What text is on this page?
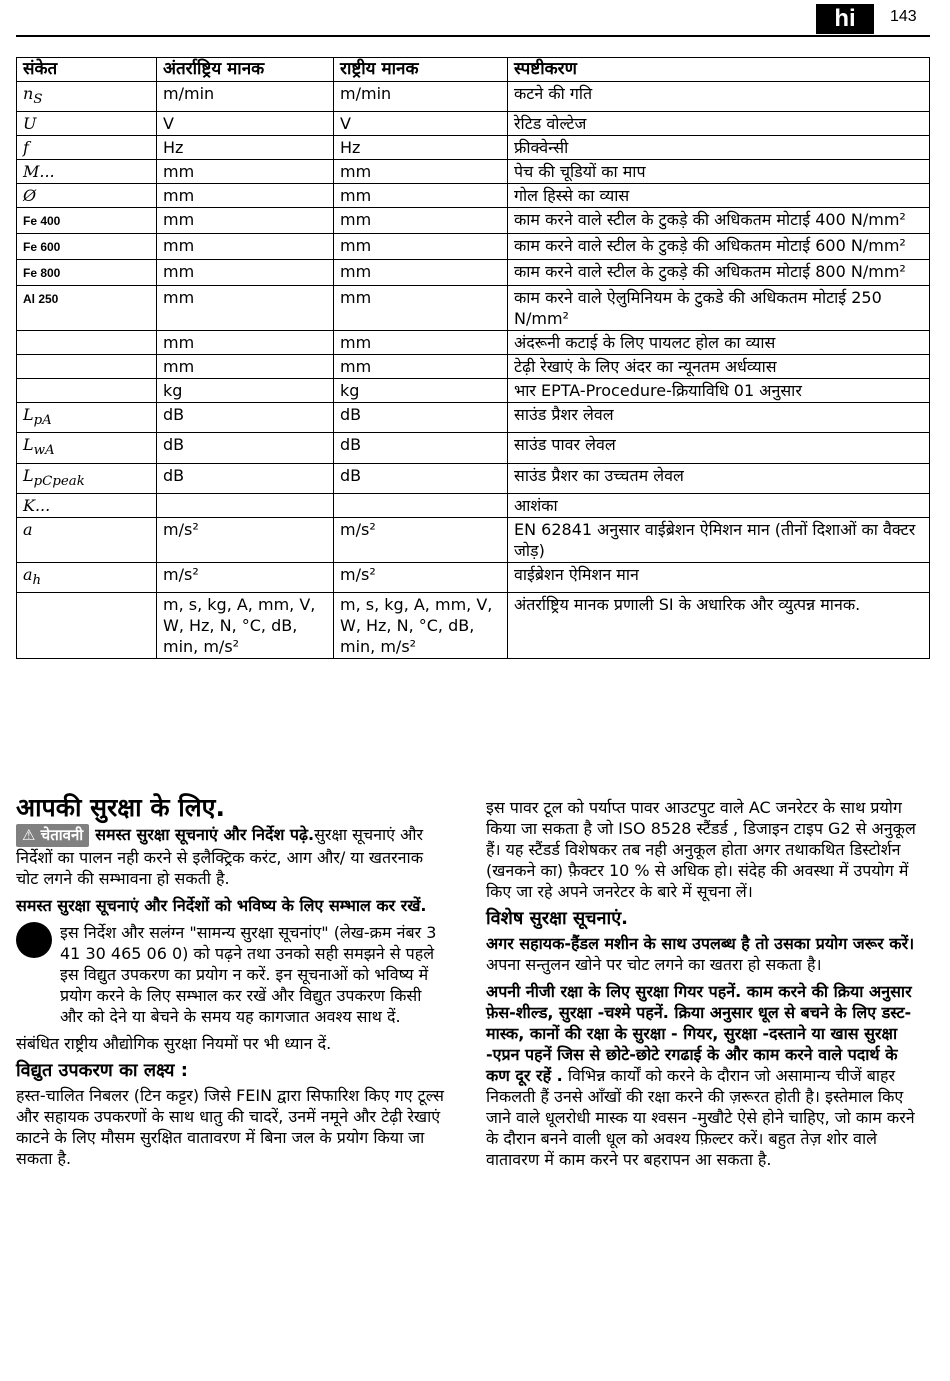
hi	143
संकेत	अंतर्राष्ट्रिय मानक	राष्ट्रीय मानक	स्पष्टीकरण
$n_S$	m/min	m/min	कटने की गति
U	V	V	रेटिड वोल्टेज
f	Hz	Hz	फ्रीक्वेन्सी
M...	mm	mm	पेच की चूडियों का माप
Ø	mm	mm	गोल हिस्से का व्यास
Fe 400	mm	mm	काम करने वाले स्टील के टुकड़े की अधिकतम मोटाई 400 N/mm²
Fe 600	mm	mm	काम करने वाले स्टील के टुकड़े की अधिकतम मोटाई 600 N/mm²
Fe 800	mm	mm	काम करने वाले स्टील के टुकड़े की अधिकतम मोटाई 800 N/mm²
Al 250	mm	mm	काम करने वाले ऐलुमिनियम के टुकडे की अधिकतम मोटाई 250 N/mm²
	mm	mm	अंदरूनी कटाई के लिए पायलट होल का व्यास
	mm	mm	टेढ़ी रेखाएं के लिए अंदर का न्यूनतम अर्धव्यास
	kg	kg	भार EPTA-Procedure-क्रियाविधि 01 अनुसार
$L_{pA}$	dB	dB	साउंड प्रैशर लेवल
$L_{wA}$	dB	dB	साउंड पावर लेवल
$L_{pCpeak}$	dB	dB	साउंड प्रैशर का उच्चतम लेवल
K...			आशंका
a	m/s²	m/s²	EN 62841 अनुसार वाईब्रेशन ऐमिशन मान (तीनों दिशाओं का वैक्टर जोड़)
$a_h$	m/s²	m/s²	वाईब्रेशन ऐमिशन मान
	m, s, kg, A, mm, V, W, Hz, N, °C, dB, min, m/s²	m, s, kg, A, mm, V, W, Hz, N, °C, dB, min, m/s²	अंतर्राष्ट्रिय मानक प्रणाली SI के अधारिक और व्युत्पन्न मानक.
आपकी सुरक्षा के लिए.

⚠ चेतावनी समस्त सुरक्षा सूचनाएं और निर्देश पढ़े.सुरक्षा सूचनाएं और निर्देशों का पालन नही करने से इलैक्ट्रिक करंट, आग और/ या खतरनाक चोट लगने की सम्भावना हो सकती है.

समस्त सुरक्षा सूचनाएं और निर्देशों को भविष्य के लिए सम्भाल कर रखें.

इस निर्देश और सलंग्न "सामन्य सुरक्षा सूचनांए" (लेख-क्रम नंबर 3 41 30 465 06 0) को पढ़ने तथा उनको सही समझने से पहले इस विद्युत उपकरण का प्रयोग न करें. इन सूचनाओं को भविष्य में प्रयोग करने के लिए सम्भाल कर रखें और विद्युत उपकरण किसी और को देने या बेचने के समय यह कागजात अवश्य साथ दें.

संबंधित राष्ट्रीय औद्योगिक सुरक्षा नियमों पर भी ध्यान दें.

विद्युत उपकरण का लक्ष्य :

हस्त-चालित निबलर (टिन कट्टर) जिसे FEIN द्वारा सिफारिश किए गए टूल्स और सहायक उपकरणों के साथ धातु की चादरें, उनमें नमूने और टेढ़ी रेखाएं काटने के लिए मौसम सुरक्षित वातावरण में बिना जल के प्रयोग किया जा सकता है.

इस पावर टूल को पर्याप्त पावर आउटपुट वाले AC जनरेटर के साथ प्रयोग किया जा सकता है जो ISO 8528 स्टैंडर्ड , डिजाइन टाइप G2 से अनुकूल हैं। यह स्टैंडर्ड विशेषकर तब नही अनुकूल होता अगर तथाकथित डिस्टोर्शन (खनकने का) फ़ैक्टर 10 % से अधिक हो। संदेह की अवस्था में उपयोग में किए जा रहे अपने जनरेटर के बारे में सूचना लें।

विशेष सुरक्षा सूचनाएं.

अगर सहायक-हैंडल मशीन के साथ उपलब्ध है तो उसका प्रयोग जरूर करें। अपना सन्तुलन खोने पर चोट लगने का खतरा हो सकता है।

अपनी नीजी रक्षा के लिए सुरक्षा गियर पहनें. काम करने की क्रिया अनुसार फ़ेस-शील्ड, सुरक्षा -चश्मे पहनें. क्रिया अनुसार धूल से बचने के लिए डस्ट-मास्क, कानों की रक्षा के सुरक्षा - गियर, सुरक्षा -दस्ताने या खास सुरक्षा -एप्रन पहनें जिस से छोटे-छोटे रगढाई के और काम करने वाले पदार्थ के कण दूर रहें . विभिन्न कार्यों को करने के दौरान जो असामान्य चीजें बाहर निकलती हैं उनसे आँखों की रक्षा करने की ज़रूरत होती है। इस्तेमाल किए जाने वाले धूलरोधी मास्क या श्वसन -मुखौटे ऐसे होने चाहिए, जो काम करने के दौरान बनने वाली धूल को अवश्य फ़िल्टर करें। बहुत तेज़ शोर वाले वातावरण में काम करने पर बहरापन आ सकता है.
